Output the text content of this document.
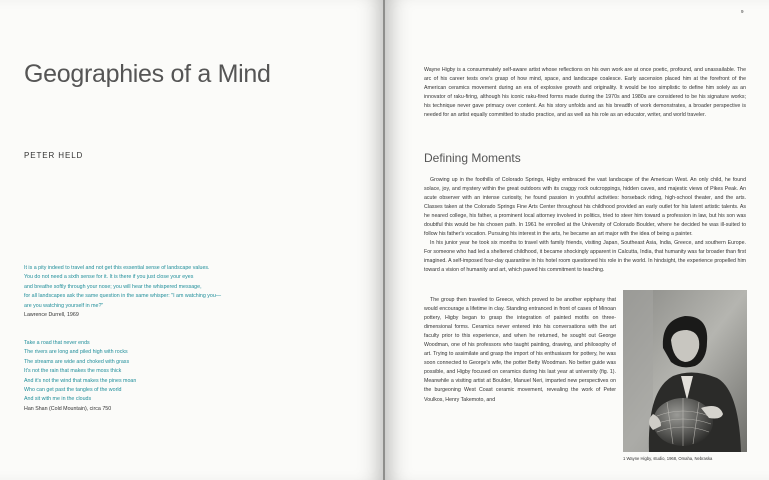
Geographies of a Mind
PETER HELD
It is a pity indeed to travel and not get this essential sense of landscape values.
You do not need a sixth sense for it. It is there if you just close your eyes
and breathe softly through your nose; you will hear the whispered message,
for all landscapes ask the same question in the same whisper: "I am watching you—
are you watching yourself in me?"
Lawrence Durrell, 1969
Take a road that never ends
The rivers are long and piled high with rocks
The streams are wide and choked with grass
It's not the rain that makes the moss thick
And it's not the wind that makes the pines moan
Who can get past the tangles of the world
And sit with me in the clouds
Han Shan (Cold Mountain), circa 750
9
Wayne Higby is a consummately self-aware artist whose reflections on his own work are at once poetic, profound, and unassailable. The arc of his career tests one's grasp of how mind, space, and landscape coalesce. Early ascension placed him at the forefront of the American ceramics movement during an era of explosive growth and originality. It would be too simplistic to define him solely as an innovator of raku-firing, although his iconic raku-fired forms made during the 1970s and 1980s are considered to be his signature works; his technique never gave primacy over content. As his story unfolds and as his breadth of work demonstrates, a broader perspective is needed for an artist equally committed to studio practice, and as well as his role as an educator, writer, and world traveler.
Defining Moments
Growing up in the foothills of Colorado Springs, Higby embraced the vast landscape of the American West. An only child, he found solace, joy, and mystery within the great outdoors with its craggy rock outcroppings, hidden caves, and majestic views of Pikes Peak. An acute observer with an intense curiosity, he found passion in youthful activities: horseback riding, high-school theater, and the arts. Classes taken at the Colorado Springs Fine Arts Center throughout his childhood provided an early outlet for his latent artistic talents. As he neared college, his father, a prominent local attorney involved in politics, tried to steer him toward a profession in law, but his son was doubtful this would be his chosen path. In 1961 he enrolled at the University of Colorado Boulder, where he decided he was ill-suited to follow his father's vocation. Pursuing his interest in the arts, he became an art major with the idea of being a painter.
In his junior year he took six months to travel with family friends, visiting Japan, Southeast Asia, India, Greece, and southern Europe. For someone who had led a sheltered childhood, it became shockingly apparent in Calcutta, India, that humanity was far broader than first imagined. A self-imposed four-day quarantine in his hotel room questioned his role in the world. In hindsight, the experience propelled him toward a vision of humanity and art, which paved his commitment to teaching.
The group then traveled to Greece, which proved to be another epiphany that would encourage a lifetime in clay. Standing entranced in front of cases of Minoan pottery, Higby began to grasp the integration of painted motifs on three-dimensional forms. Ceramics never entered into his conversations with the art faculty prior to this experience, and when he returned, he sought out George Woodman, one of his professors who taught painting, drawing, and philosophy of art. Trying to assimilate and grasp the import of his enthusiasm for pottery, he was soon connected to George's wife, the potter Betty Woodman. No better guide was possible, and Higby focused on ceramics during his last year at university (fig. 1). Meanwhile a visiting artist at Boulder, Manuel Neri, imparted new perspectives on the burgeoning West Coast ceramic movement, revealing the work of Peter Voulkos, Henry Takemoto, and
1 Wayne Higby, studio, 1968, Omaha, Nebraska
